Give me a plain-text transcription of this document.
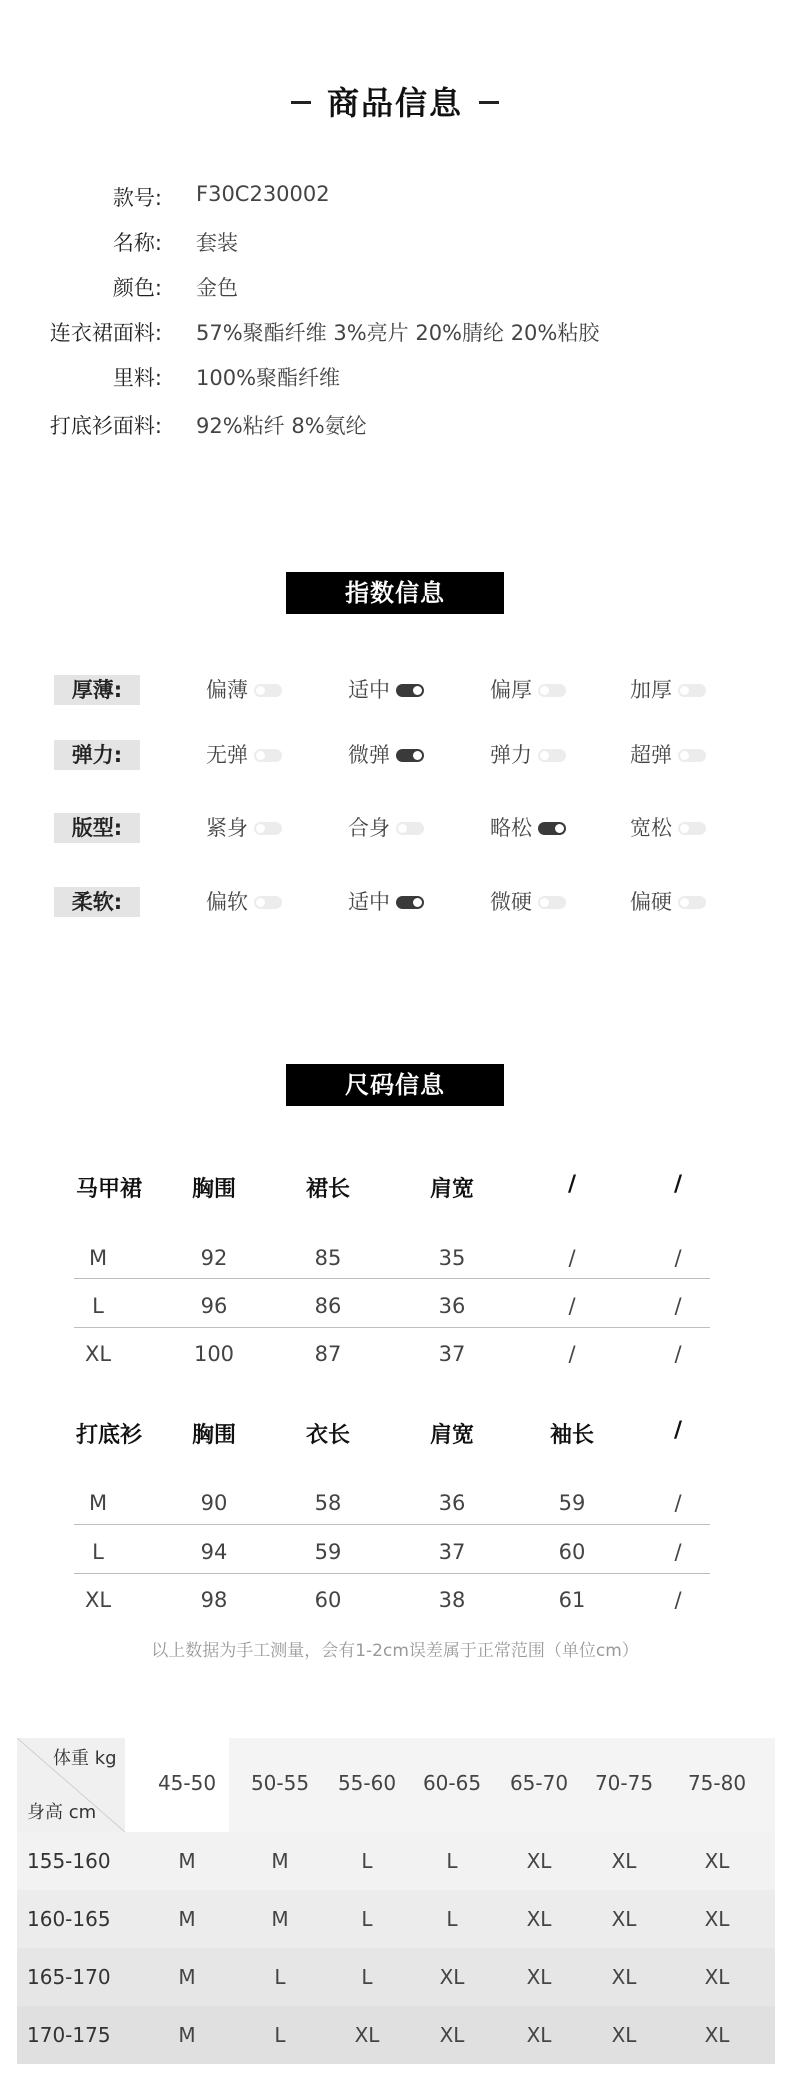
商品信息
款号: F30C230002
名称: 套装
颜色: 金色
连衣裙面料: 57%聚酯纤维 3%亮片 20%腈纶 20%粘胶
里料: 100%聚酯纤维
打底衫面料: 92%粘纤 8%氨纶
指数信息
厚薄:	偏薄	适中	偏厚	加厚
弹力:	无弹	微弹	弹力	超弹
版型:	紧身	合身	略松	宽松
柔软:	偏软	适中	微硬	偏硬
尺码信息
马甲裙	胸围	裙长	肩宽	/	/
M	92	85	35	/	/
L	96	86	36	/	/
XL	100	87	37	/	/
打底衫	胸围	衣长	肩宽	袖长	/
M	90	58	36	59	/
L	94	59	37	60	/
XL	98	60	38	61	/
以上数据为手工测量，会有1-2cm误差属于正常范围（单位cm）
体重 kg
身高 cm
45-50	50-55	55-60	60-65	65-70	70-75	75-80
155-160	M	M	L	L	XL	XL	XL
160-165	M	M	L	L	XL	XL	XL
165-170	M	L	L	XL	XL	XL	XL
170-175	M	L	XL	XL	XL	XL	XL
